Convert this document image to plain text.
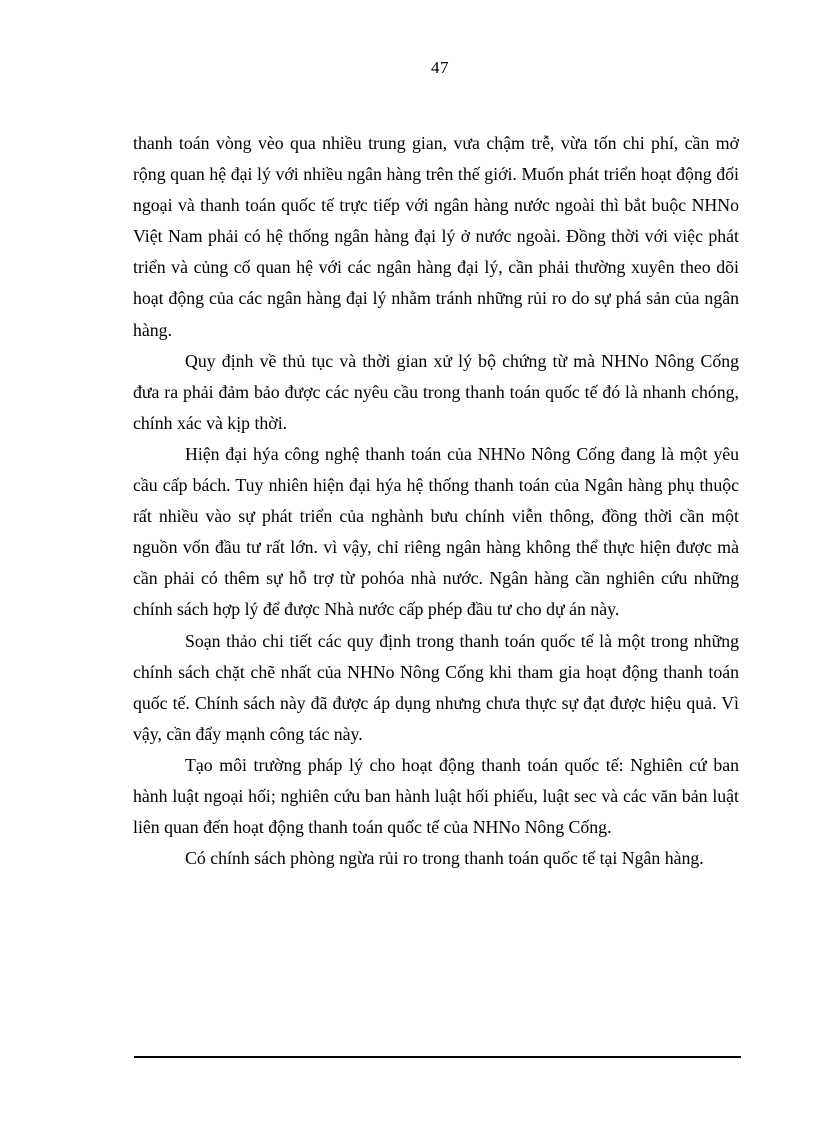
47

thanh toán vòng vèo qua nhiều trung gian, vưa chậm trễ, vừa tốn chi phí, cần mở rộng quan hệ đại lý với nhiều ngân hàng trên thế giới. Muốn phát triển hoạt động đối ngoại và thanh toán quốc tế trực tiếp với ngân hàng nước ngoài thì bắt buộc NHNo Việt Nam phải có hệ thống ngân hàng đại lý ở nước ngoài. Đồng thời với việc phát triển và củng cố quan hệ với các ngân hàng đại lý, cần phải thường xuyên theo dõi hoạt động của các ngân hàng đại lý nhằm tránh những rủi ro do sự phá sản của ngân hàng.

Quy định về thủ tục và thời gian xử lý bộ chứng từ mà NHNo Nông Cống đưa ra phải đảm bảo được các nyêu cầu trong thanh toán quốc tế đó là nhanh chóng, chính xác và kịp thời.

Hiện đại hýa công nghệ thanh toán của NHNo Nông Cống đang là một yêu cầu cấp bách. Tuy nhiên hiện đại hýa hệ thống thanh toán của Ngân hàng phụ thuộc rất nhiều vào sự phát triển của nghành bưu chính viễn thông, đồng thời cần một nguồn vốn đầu tư rất lớn. vì vậy, chỉ riêng ngân hàng không thể thực hiện được mà cần phải có thêm sự hỗ trợ từ pohóa nhà nước. Ngân hàng cần nghiên cứu những chính sách hợp lý để được Nhà nước cấp phép đầu tư cho dự án này.

Soạn thảo chi tiết các quy định trong thanh toán quốc tế là một trong những chính sách chặt chẽ nhất của NHNo Nông Cống khi tham gia hoạt động thanh toán quốc tế. Chính sách này đã được áp dụng nhưng chưa thực sự đạt được hiệu quả. Vì vậy, cần đẩy mạnh công tác này.

Tạo môi trường pháp lý cho hoạt động thanh toán quốc tế: Nghiên cứ ban hành luật ngoại hối; nghiên cứu ban hành luật hối phiếu, luật sec và các văn bản luật liên quan đến hoạt động thanh toán quốc tế của NHNo Nông Cống.

Có chính sách phòng ngừa rủi ro trong thanh toán quốc tế tại Ngân hàng.
